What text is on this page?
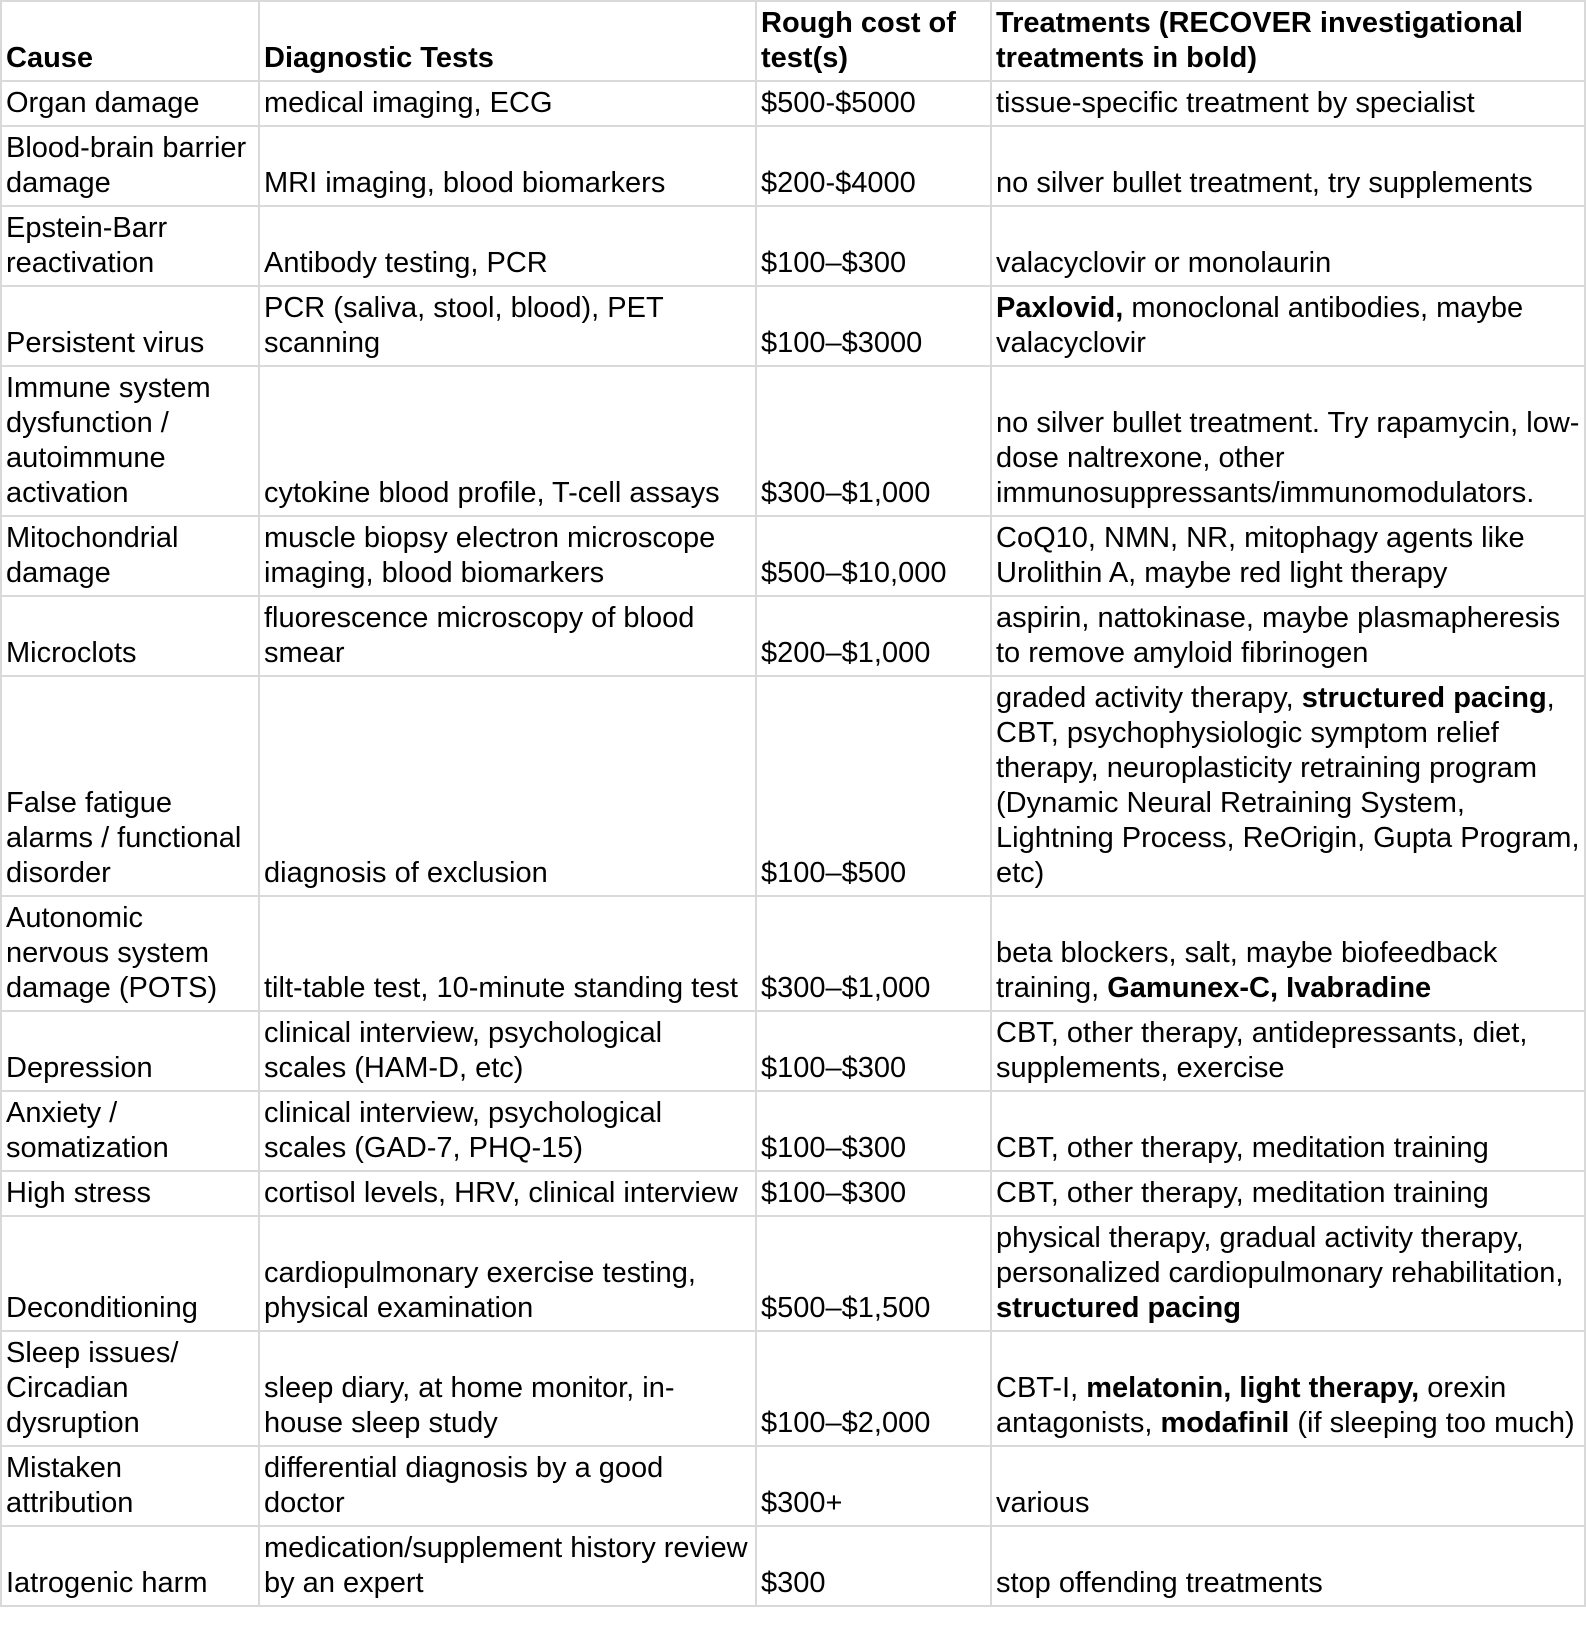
Cause	Diagnostic Tests	Rough cost of test(s)	Treatments (RECOVER investigational treatments in bold)
Organ damage	medical imaging, ECG	$500-$5000	tissue-specific treatment by specialist
Blood-brain barrier damage	MRI imaging, blood biomarkers	$200-$4000	no silver bullet treatment, try supplements
Epstein-Barr reactivation	Antibody testing, PCR	$100–$300	valacyclovir or monolaurin
Persistent virus	PCR (saliva, stool, blood), PET scanning	$100–$3000	Paxlovid, monoclonal antibodies, maybe valacyclovir
Immune system dysfunction / autoimmune activation	cytokine blood profile, T-cell assays	$300–$1,000	no silver bullet treatment. Try rapamycin, low-dose naltrexone, other immunosuppressants/immunomodulators.
Mitochondrial damage	muscle biopsy electron microscope imaging, blood biomarkers	$500–$10,000	CoQ10, NMN, NR, mitophagy agents like Urolithin A, maybe red light therapy
Microclots	fluorescence microscopy of blood smear	$200–$1,000	aspirin, nattokinase, maybe plasmapheresis to remove amyloid fibrinogen
False fatigue alarms / functional disorder	diagnosis of exclusion	$100–$500	graded activity therapy, structured pacing, CBT, psychophysiologic symptom relief therapy, neuroplasticity retraining program (Dynamic Neural Retraining System, Lightning Process, ReOrigin, Gupta Program, etc)
Autonomic nervous system damage (POTS)	tilt-table test, 10-minute standing test	$300–$1,000	beta blockers, salt, maybe biofeedback training, Gamunex-C, Ivabradine
Depression	clinical interview, psychological scales (HAM-D, etc)	$100–$300	CBT, other therapy, antidepressants, diet, supplements, exercise
Anxiety / somatization	clinical interview, psychological scales (GAD-7, PHQ-15)	$100–$300	CBT, other therapy, meditation training
High stress	cortisol levels, HRV, clinical interview	$100–$300	CBT, other therapy, meditation training
Deconditioning	cardiopulmonary exercise testing, physical examination	$500–$1,500	physical therapy, gradual activity therapy, personalized cardiopulmonary rehabilitation, structured pacing
Sleep issues/ Circadian dysruption	sleep diary, at home monitor, in-house sleep study	$100–$2,000	CBT-I, melatonin, light therapy, orexin antagonists, modafinil (if sleeping too much)
Mistaken attribution	differential diagnosis by a good doctor	$300+	various
Iatrogenic harm	medication/supplement history review by an expert	$300	stop offending treatments
